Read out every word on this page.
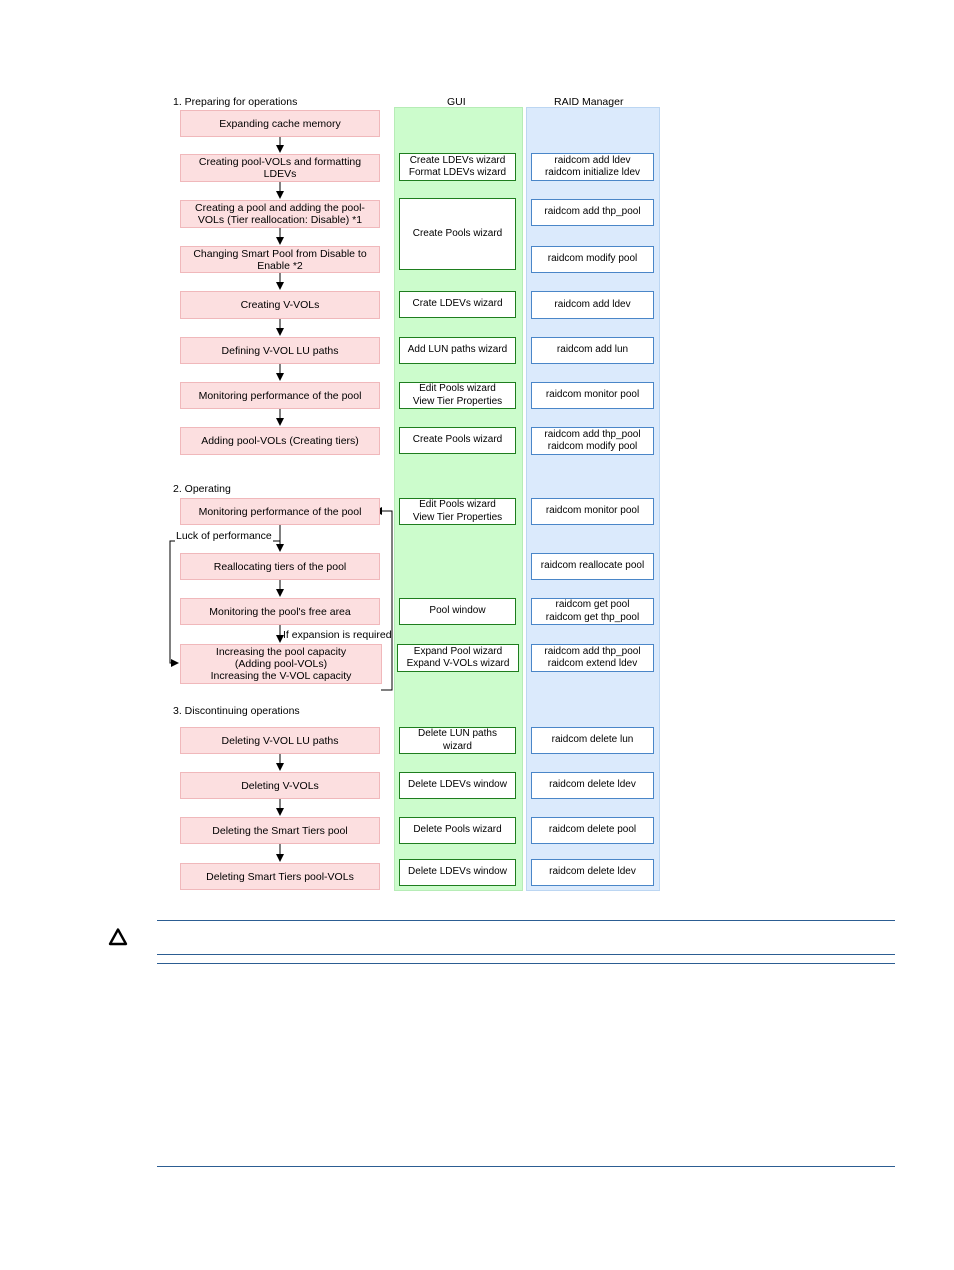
GUI	RAID Manager
1. Preparing for operations
2. Operating
3. Discontinuing operations
Luck of performance
If expansion is required
Expanding cache memory
Creating pool-VOLs and formatting
LDEVs
Creating a pool and adding the pool-
VOLs (Tier reallocation: Disable) *1
Changing Smart Pool from Disable to
Enable *2
Creating V-VOLs
Defining V-VOL LU paths
Monitoring performance of the pool
Adding pool-VOLs (Creating tiers)
Monitoring performance of the pool
Reallocating tiers of the pool
Monitoring the pool's free area
Increasing the pool capacity
(Adding pool-VOLs)
Increasing the V-VOL capacity
Deleting V-VOL LU paths
Deleting V-VOLs
Deleting the Smart Tiers pool
Deleting Smart Tiers pool-VOLs
Create LDEVs wizard
Format LDEVs wizard
Create Pools wizard
Crate LDEVs wizard
Add LUN paths wizard
Edit Pools wizard
View Tier Properties
Create Pools wizard
Edit Pools wizard
View Tier Properties
Pool window
Expand Pool wizard
Expand V-VOLs wizard
Delete LUN paths
wizard
Delete LDEVs window
Delete Pools wizard
Delete LDEVs window
raidcom add ldev
raidcom initialize ldev
raidcom add thp_pool
raidcom modify pool
raidcom add ldev
raidcom add lun
raidcom monitor pool
raidcom add thp_pool
raidcom modify pool
raidcom monitor pool
raidcom reallocate pool
raidcom get pool
raidcom get thp_pool
raidcom add thp_pool
raidcom extend ldev
raidcom delete lun
raidcom delete ldev
raidcom delete pool
raidcom delete ldev
